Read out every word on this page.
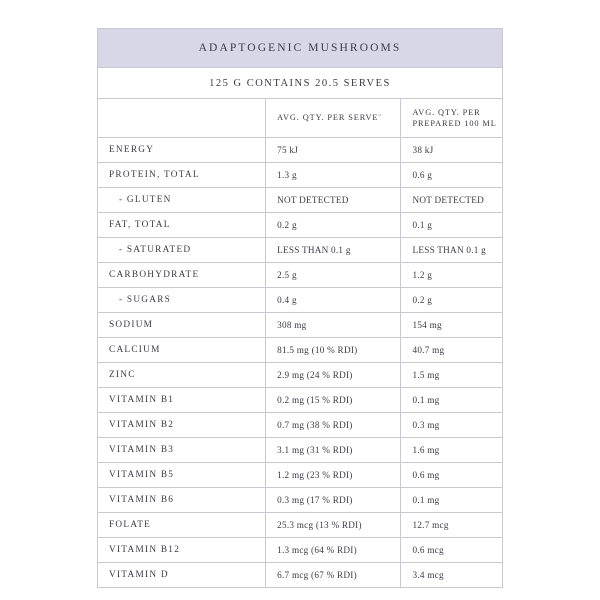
ADAPTOGENIC MUSHROOMS
125 G CONTAINS 20.5 SERVES
	AVG. QTY. PER SERVE¨	AVG. QTY. PER PREPARED 100 ML
ENERGY	75 kJ	38 kJ
PROTEIN, TOTAL	1.3 g	0.6 g
- GLUTEN	NOT DETECTED	NOT DETECTED
FAT, TOTAL	0.2 g	0.1 g
- SATURATED	LESS THAN 0.1 g	LESS THAN 0.1 g
CARBOHYDRATE	2.5 g	1.2 g
- SUGARS	0.4 g	0.2 g
SODIUM	308 mg	154 mg
CALCIUM	81.5 mg (10 % RDI)	40.7 mg
ZINC	2.9 mg (24 % RDI)	1.5 mg
VITAMIN B1	0.2 mg (15 % RDI)	0.1 mg
VITAMIN B2	0.7 mg (38 % RDI)	0.3 mg
VITAMIN B3	3.1 mg (31 % RDI)	1.6 mg
VITAMIN B5	1.2 mg (23 % RDI)	0.6 mg
VITAMIN B6	0.3 mg (17 % RDI)	0.1 mg
FOLATE	25.3 mcg (13 % RDI)	12.7 mcg
VITAMIN B12	1.3 mcg (64 % RDI)	0.6 mcg
VITAMIN D	6.7 mcg (67 % RDI)	3.4 mcg
